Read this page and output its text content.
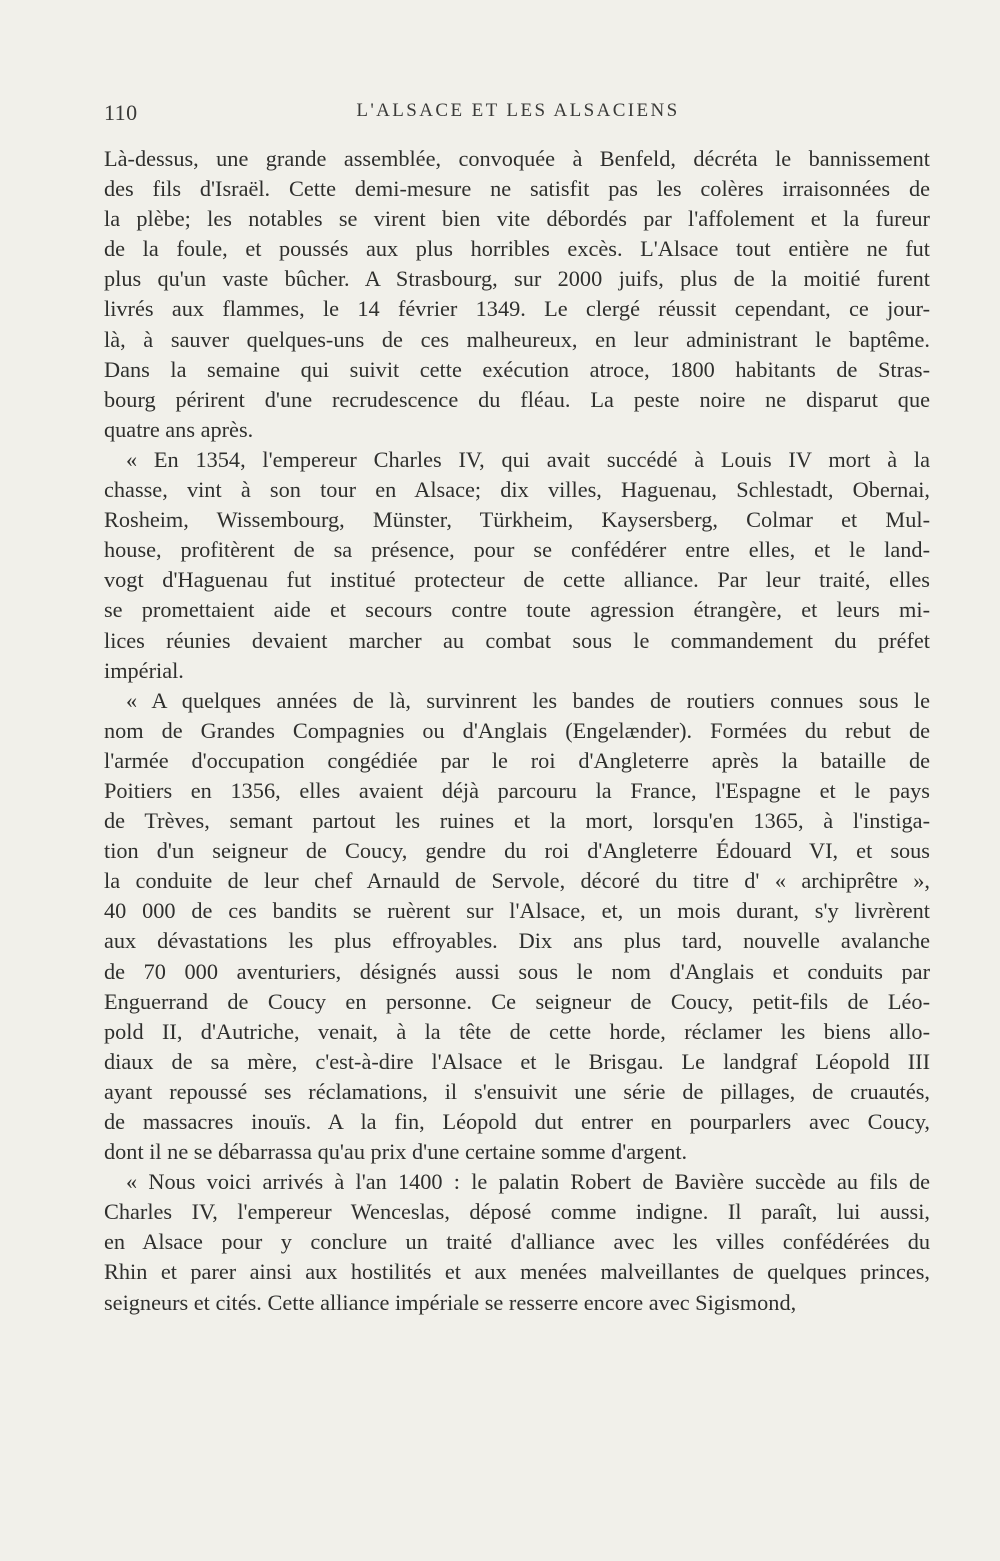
110	L'ALSACE ET LES ALSACIENS
Là-dessus, une grande assemblée, convoquée à Benfeld, décréta le bannissement
des fils d'Israël. Cette demi-mesure ne satisfit pas les colères irraisonnées de
la plèbe; les notables se virent bien vite débordés par l'affolement et la fureur
de la foule, et poussés aux plus horribles excès. L'Alsace tout entière ne fut
plus qu'un vaste bûcher. A Strasbourg, sur 2000 juifs, plus de la moitié furent
livrés aux flammes, le 14 février 1349. Le clergé réussit cependant, ce jour-
là, à sauver quelques-uns de ces malheureux, en leur administrant le baptême.
Dans la semaine qui suivit cette exécution atroce, 1800 habitants de Stras-
bourg périrent d'une recrudescence du fléau. La peste noire ne disparut que
quatre ans après.
« En 1354, l'empereur Charles IV, qui avait succédé à Louis IV mort à la
chasse, vint à son tour en Alsace; dix villes, Haguenau, Schlestadt, Obernai,
Rosheim, Wissembourg, Münster, Türkheim, Kaysersberg, Colmar et Mul-
house, profitèrent de sa présence, pour se confédérer entre elles, et le land-
vogt d'Haguenau fut institué protecteur de cette alliance. Par leur traité, elles
se promettaient aide et secours contre toute agression étrangère, et leurs mi-
lices réunies devaient marcher au combat sous le commandement du préfet
impérial.
« A quelques années de là, survinrent les bandes de routiers connues sous le
nom de Grandes Compagnies ou d'Anglais (Engelænder). Formées du rebut de
l'armée d'occupation congédiée par le roi d'Angleterre après la bataille de
Poitiers en 1356, elles avaient déjà parcouru la France, l'Espagne et le pays
de Trèves, semant partout les ruines et la mort, lorsqu'en 1365, à l'instiga-
tion d'un seigneur de Coucy, gendre du roi d'Angleterre Édouard VI, et sous
la conduite de leur chef Arnauld de Servole, décoré du titre d' « archiprêtre »,
40 000 de ces bandits se ruèrent sur l'Alsace, et, un mois durant, s'y livrèrent
aux dévastations les plus effroyables. Dix ans plus tard, nouvelle avalanche
de 70 000 aventuriers, désignés aussi sous le nom d'Anglais et conduits par
Enguerrand de Coucy en personne. Ce seigneur de Coucy, petit-fils de Léo-
pold II, d'Autriche, venait, à la tête de cette horde, réclamer les biens allo-
diaux de sa mère, c'est-à-dire l'Alsace et le Brisgau. Le landgraf Léopold III
ayant repoussé ses réclamations, il s'ensuivit une série de pillages, de cruautés,
de massacres inouïs. A la fin, Léopold dut entrer en pourparlers avec Coucy,
dont il ne se débarrassa qu'au prix d'une certaine somme d'argent.
« Nous voici arrivés à l'an 1400 : le palatin Robert de Bavière succède au fils de
Charles IV, l'empereur Wenceslas, déposé comme indigne. Il paraît, lui aussi,
en Alsace pour y conclure un traité d'alliance avec les villes confédérées du
Rhin et parer ainsi aux hostilités et aux menées malveillantes de quelques princes,
seigneurs et cités. Cette alliance impériale se resserre encore avec Sigismond,
